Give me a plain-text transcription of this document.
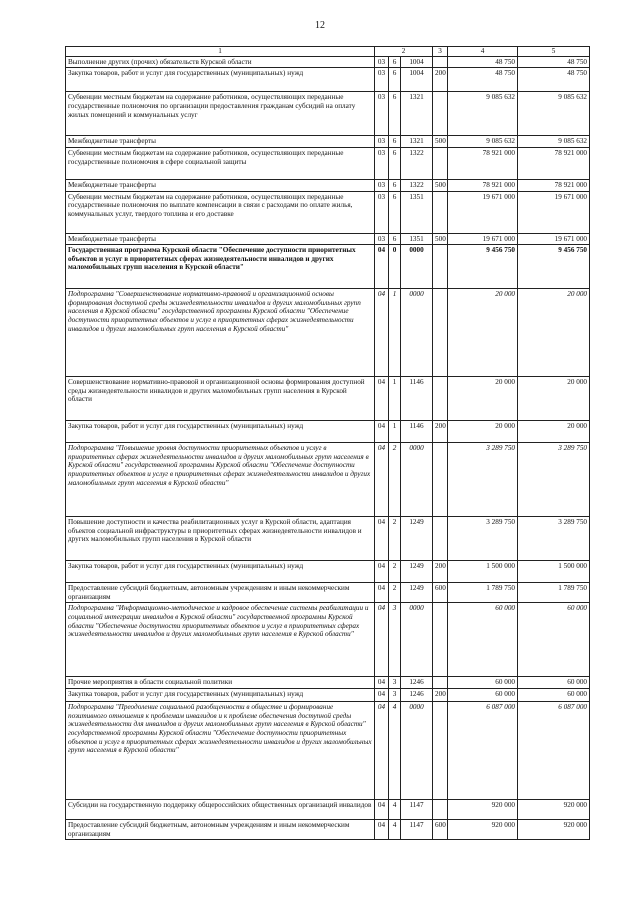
12
1	2			3	4	5
Выполнение других (прочих) обязательств Курской области	03	6	1004		48 750	48 750
Закупка товаров, работ и услуг для государственных (муниципальных) нужд	03	6	1004	200	48 750	48 750
Субвенции местным бюджетам на содержание работников, осуществляющих переданные государственные полномочия по организации предоставления гражданам субсидий на оплату жилых помещений и коммунальных услуг	03	6	1321		9 085 632	9 085 632
Межбюджетные трансферты	03	6	1321	500	9 085 632	9 085 632
Субвенции местным бюджетам на содержание работников, осуществляющих переданные государственные полномочия в сфере социальной защиты	03	6	1322		78 921 000	78 921 000
Межбюджетные трансферты	03	6	1322	500	78 921 000	78 921 000
Субвенции местным бюджетам на содержание работников, осуществляющих переданные государственные полномочия по выплате компенсации в связи с расходами по оплате жилья, коммунальных услуг, твердого топлива и его доставке	03	6	1351		19 671 000	19 671 000
Межбюджетные трансферты	03	6	1351	500	19 671 000	19 671 000
Государственная программа Курской области "Обеспечение доступности приоритетных объектов и услуг в приоритетных сферах жизнедеятельности инвалидов и других маломобильных групп населения в Курской области"	04	0	0000		9 456 750	9 456 750
Подпрограмма "Совершенствование нормативно-правовой и организационной основы формирования доступной среды жизнедеятельности инвалидов и других маломобильных групп населения в Курской области" государственной программы Курской области "Обеспечение доступности приоритетных объектов и услуг в приоритетных сферах жизнедеятельности инвалидов и других маломобильных групп населения в Курской области"	04	1	0000		20 000	20 000
Совершенствование нормативно-правовой и организационной основы формирования доступной среды жизнедеятельности инвалидов и других маломобильных групп населения в Курской области	04	1	1146		20 000	20 000
Закупка товаров, работ и услуг для государственных (муниципальных) нужд	04	1	1146	200	20 000	20 000
Подпрограмма "Повышение уровня доступности приоритетных объектов и услуг в приоритетных сферах жизнедеятельности инвалидов и других маломобильных групп населения в Курской области" государственной программы Курской области "Обеспечение доступности приоритетных объектов и услуг в приоритетных сферах жизнедеятельности инвалидов и других маломобильных групп населения в Курской области"	04	2	0000		3 289 750	3 289 750
Повышение доступности и качества реабилитационных услуг в Курской области, адаптация объектов социальной инфраструктуры в приоритетных сферах жизнедеятельности инвалидов и других маломобильных групп населения в Курской области	04	2	1249		3 289 750	3 289 750
Закупка товаров, работ и услуг для государственных (муниципальных) нужд	04	2	1249	200	1 500 000	1 500 000
Предоставление субсидий бюджетным, автономным учреждениям и иным некоммерческим организациям	04	2	1249	600	1 789 750	1 789 750
Подпрограмма "Информационно-методическое и кадровое обеспечение системы реабилитации и социальной интеграции инвалидов в Курской области" государственной программы Курской области "Обеспечение доступности приоритетных объектов и услуг в приоритетных сферах жизнедеятельности инвалидов и других маломобильных групп населения в Курской области"	04	3	0000		60 000	60 000
Прочие мероприятия в области социальной политики	04	3	1246		60 000	60 000
Закупка товаров, работ и услуг для государственных (муниципальных) нужд	04	3	1246	200	60 000	60 000
Подпрограмма "Преодоление социальной разобщенности в обществе и формирование позитивного отношения к проблемам инвалидов и к проблеме обеспечения доступной среды жизнедеятельности для инвалидов и других маломобильных групп населения в Курской области" государственной программы Курской области "Обеспечение доступности приоритетных объектов и услуг в приоритетных сферах жизнедеятельности инвалидов и других маломобильных групп населения в Курской области"	04	4	0000		6 087 000	6 087 000
Субсидии на государственную поддержку общероссийских общественных организаций инвалидов	04	4	1147		920 000	920 000
Предоставление субсидий бюджетным, автономным учреждениям и иным некоммерческим организациям	04	4	1147	600	920 000	920 000
